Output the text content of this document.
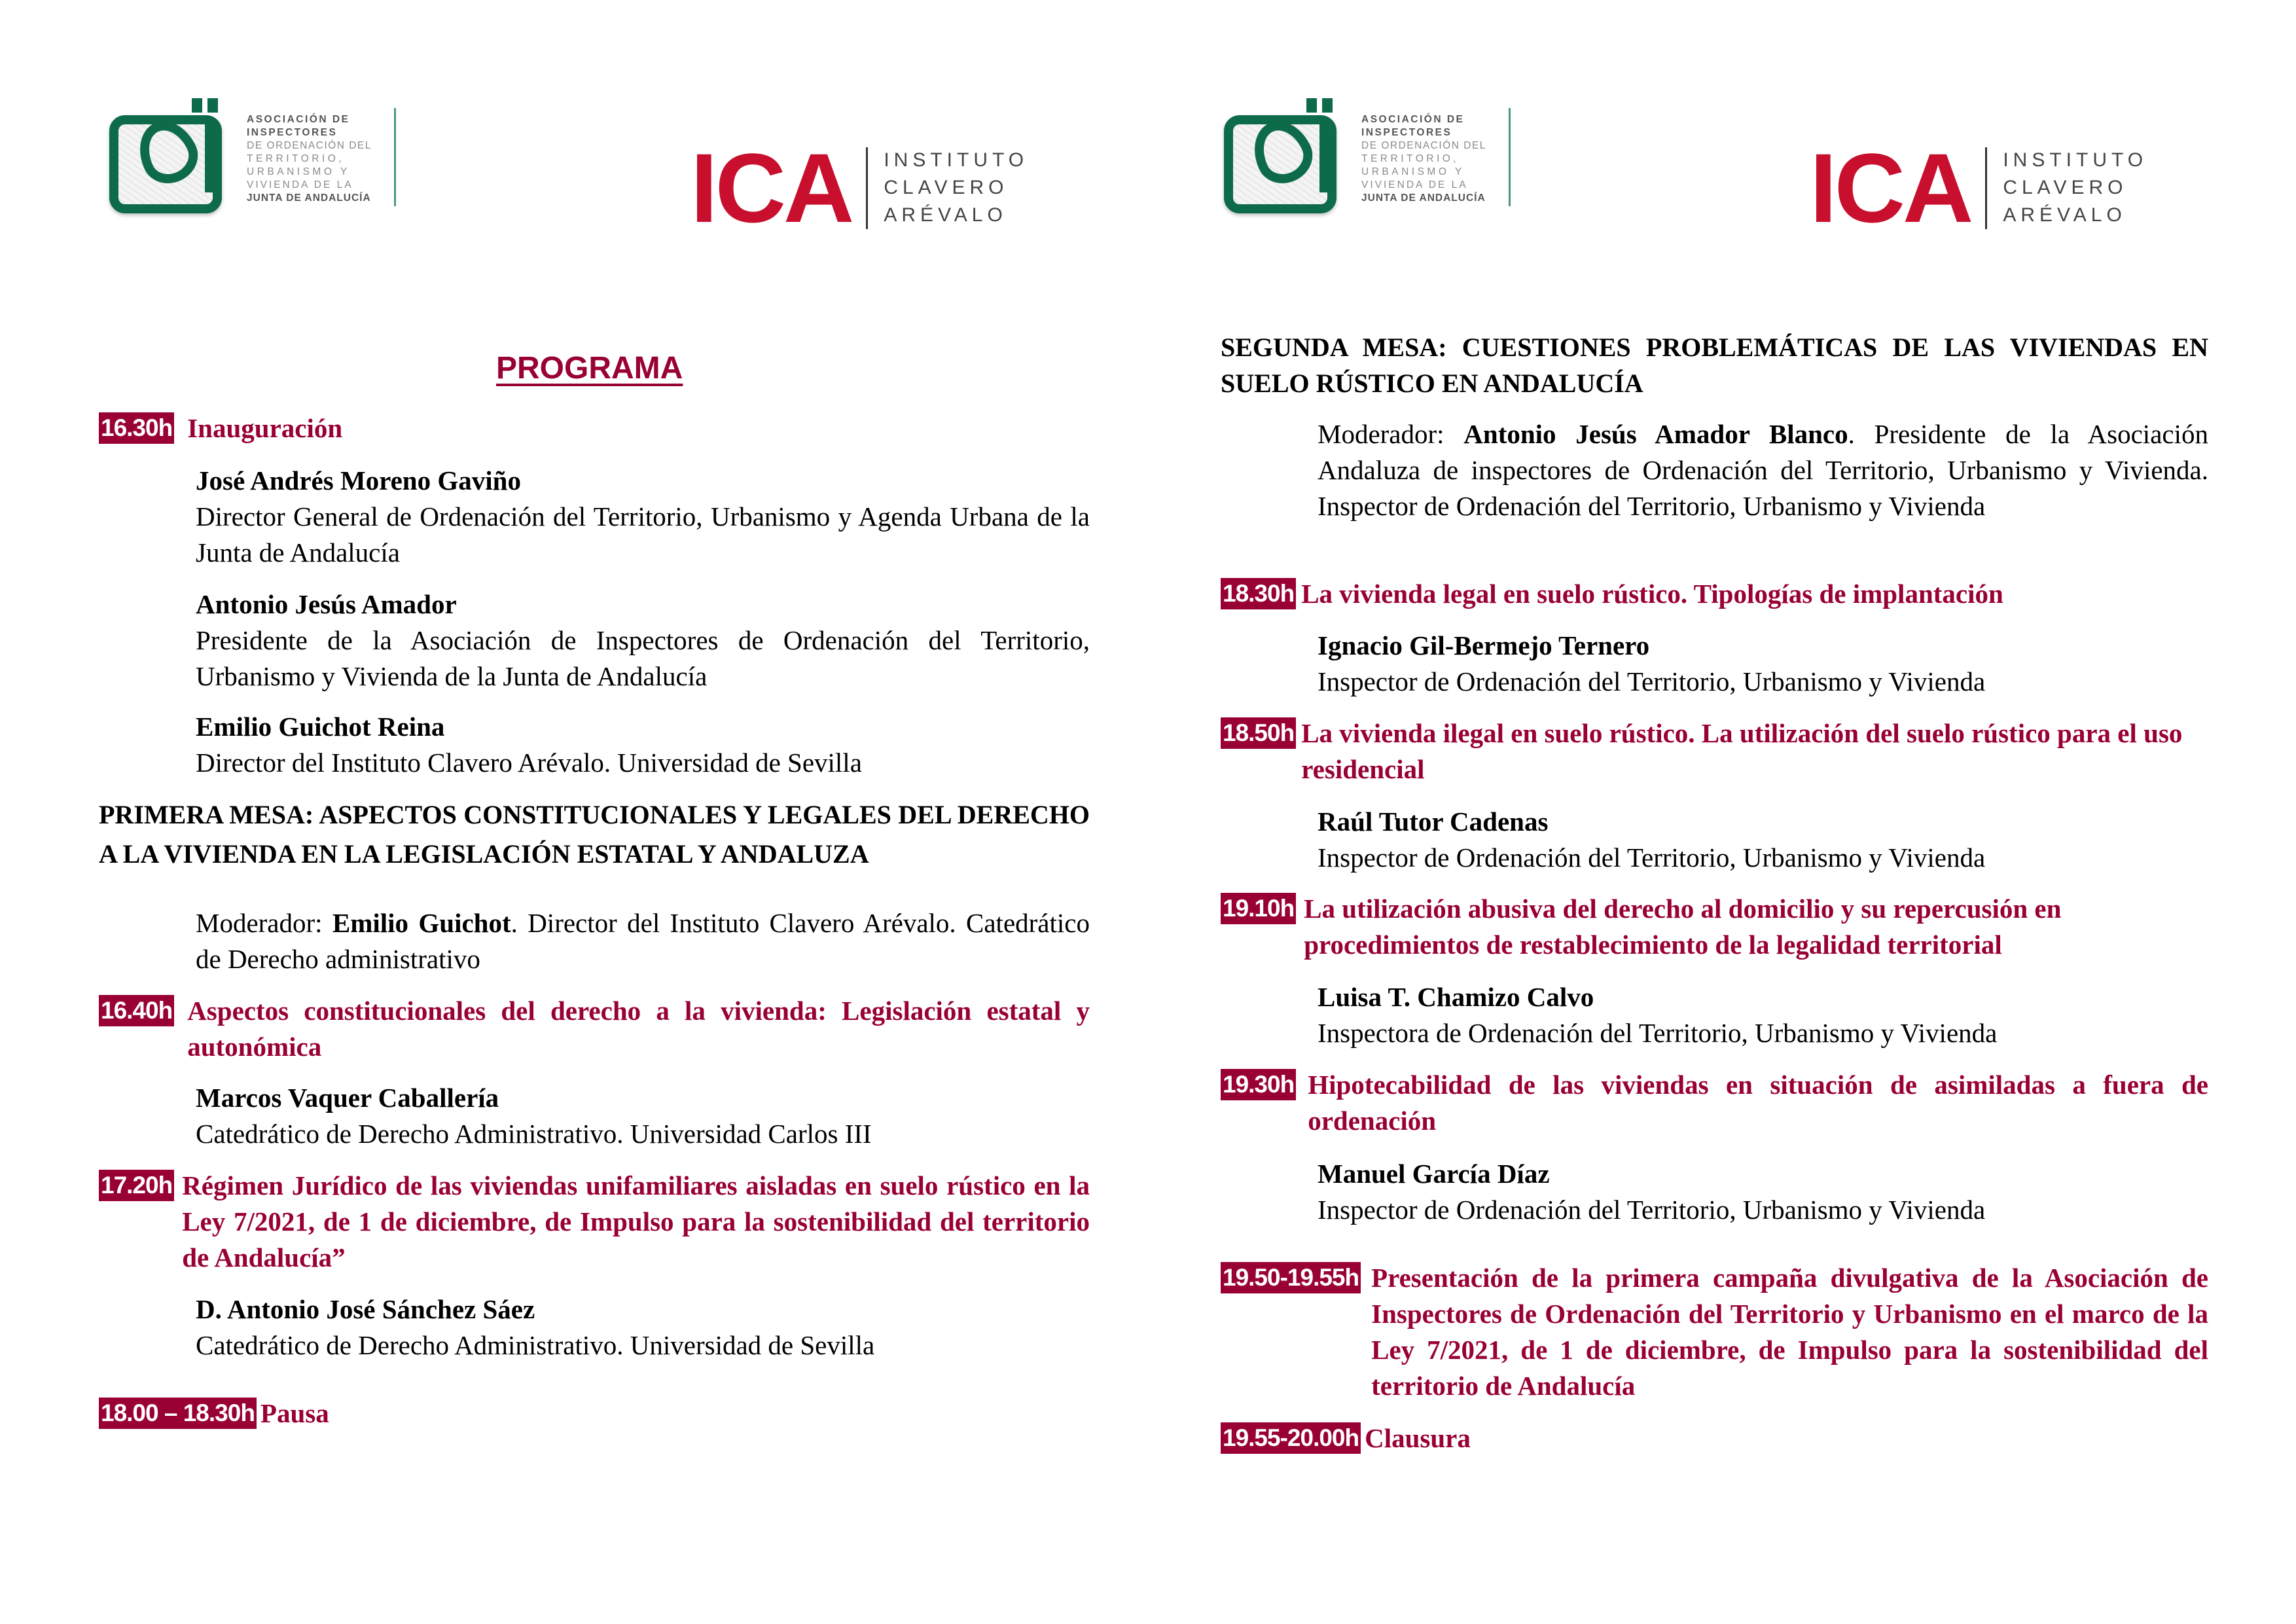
ASOCIACIÓN DE
INSPECTORES
DE ORDENACIÓN DEL
TERRITORIO,
URBANISMO Y
VIVIENDA DE LA
JUNTA DE ANDALUCÍA	ICA INSTITUTO
CLAVERO
ARÉVALO
PROGRAMA
16.30h Inauguración
José Andrés Moreno Gaviño
Director General de Ordenación del Territorio, Urbanismo y Agenda Urbana de la Junta de Andalucía
Antonio Jesús Amador
Presidente de la Asociación de Inspectores de Ordenación del Territorio, Urbanismo y Vivienda de la Junta de Andalucía
Emilio Guichot Reina
Director del Instituto Clavero Arévalo. Universidad de Sevilla
PRIMERA MESA: ASPECTOS CONSTITUCIONALES Y LEGALES DEL DERECHO A LA VIVIENDA EN LA LEGISLACIÓN ESTATAL Y ANDALUZA
Moderador: Emilio Guichot. Director del Instituto Clavero Arévalo. Catedrático de Derecho administrativo
16.40h Aspectos constitucionales del derecho a la vivienda: Legislación estatal y autonómica
Marcos Vaquer Caballería
Catedrático de Derecho Administrativo. Universidad Carlos III
17.20h Régimen Jurídico de las viviendas unifamiliares aisladas en suelo rústico en la Ley 7/2021, de 1 de diciembre, de Impulso para la sostenibilidad del territorio de Andalucía”
D. Antonio José Sánchez Sáez
Catedrático de Derecho Administrativo. Universidad de Sevilla
18.00 – 18.30h Pausa
ASOCIACIÓN DE
INSPECTORES
DE ORDENACIÓN DEL
TERRITORIO,
URBANISMO Y
VIVIENDA DE LA
JUNTA DE ANDALUCÍA	ICA INSTITUTO
CLAVERO
ARÉVALO
SEGUNDA MESA: CUESTIONES PROBLEMÁTICAS DE LAS VIVIENDAS EN SUELO RÚSTICO EN ANDALUCÍA
Moderador: Antonio Jesús Amador Blanco. Presidente de la Asociación Andaluza de inspectores de Ordenación del Territorio, Urbanismo y Vivienda. Inspector de Ordenación del Territorio, Urbanismo y Vivienda
18.30h La vivienda legal en suelo rústico. Tipologías de implantación
Ignacio Gil-Bermejo Ternero
Inspector de Ordenación del Territorio, Urbanismo y Vivienda
18.50h La vivienda ilegal en suelo rústico. La utilización del suelo rústico para el uso residencial
Raúl Tutor Cadenas
Inspector de Ordenación del Territorio, Urbanismo y Vivienda
19.10h La utilización abusiva del derecho al domicilio y su repercusión en procedimientos de restablecimiento de la legalidad territorial
Luisa T. Chamizo Calvo
Inspectora de Ordenación del Territorio, Urbanismo y Vivienda
19.30h Hipotecabilidad de las viviendas en situación de asimiladas a fuera de ordenación
Manuel García Díaz
Inspector de Ordenación del Territorio, Urbanismo y Vivienda
19.50-19.55h Presentación de la primera campaña divulgativa de la Asociación de Inspectores de Ordenación del Territorio y Urbanismo en el marco de la Ley 7/2021, de 1 de diciembre, de Impulso para la sostenibilidad del territorio de Andalucía
19.55-20.00h Clausura
